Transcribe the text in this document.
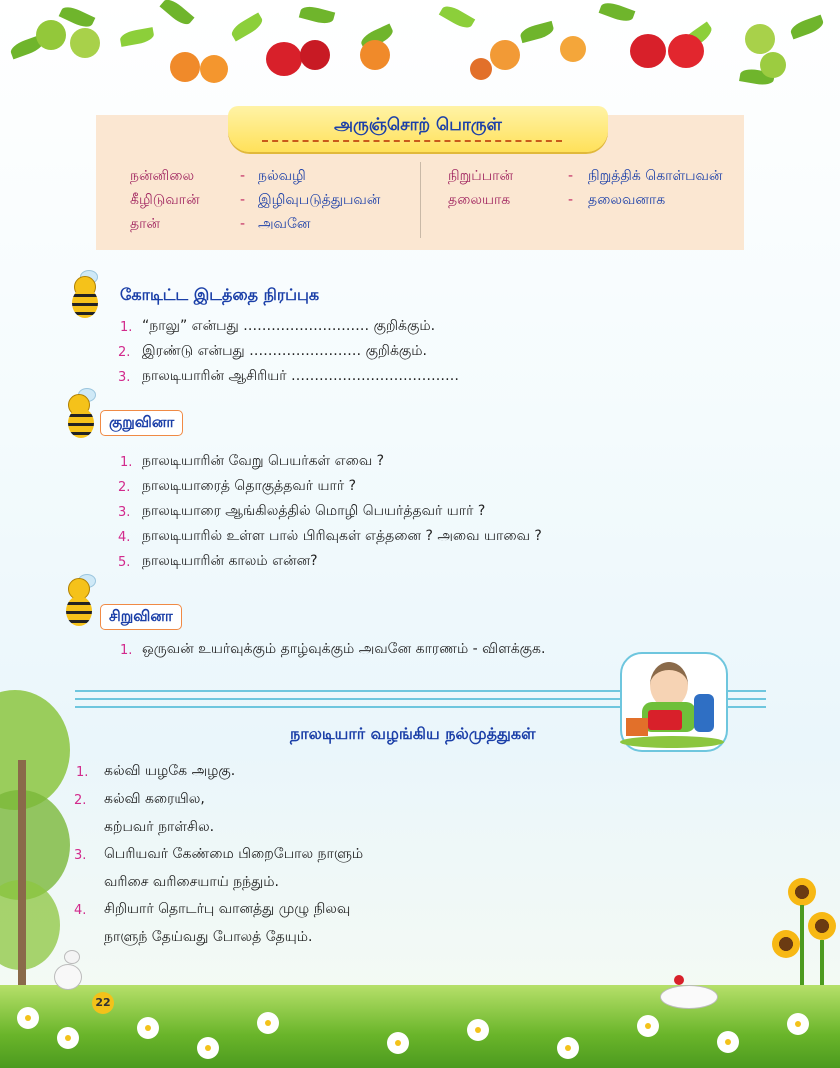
அருஞ்சொற் பொருள்
நன்னிலை	- நல்வழி
கீழிடுவான்	- இழிவுபடுத்துபவன்
தான்	- அவனே
நிறுப்பான்	- நிறுத்திக் கொள்பவன்
தலையாக	- தலைவனாக
கோடிட்ட இடத்தை நிரப்புக
1. “நாலு” என்பது ……………………… குறிக்கும்.
2. இரண்டு என்பது …………………… குறிக்கும்.
3. நாலடியாரின் ஆசிரியர் ………………………………
குறுவினா
1. நாலடியாரின் வேறு பெயர்கள் எவை ?
2. நாலடியாரைத் தொகுத்தவர் யார் ?
3. நாலடியாரை ஆங்கிலத்தில் மொழி பெயர்த்தவர் யார் ?
4. நாலடியாரில் உள்ள பால் பிரிவுகள் எத்தனை ? அவை யாவை ?
5. நாலடியாரின் காலம் என்ன?
சிறுவினா
1. ஒருவன் உயர்வுக்கும் தாழ்வுக்கும் அவனே காரணம் - விளக்குக.
நாலடியார் வழங்கிய நல்முத்துகள்
1. கல்வி யழகே அழகு.
2. கல்வி கரையில,
கற்பவர் நாள்சில.
3. பெரியவர் கேண்மை பிறைபோல நாளும்
வரிசை வரிசையாய் நந்தும்.
4. சிறியார் தொடர்பு வானத்து முழு நிலவு
நாளுந் தேய்வது போலத் தேயும்.
22
